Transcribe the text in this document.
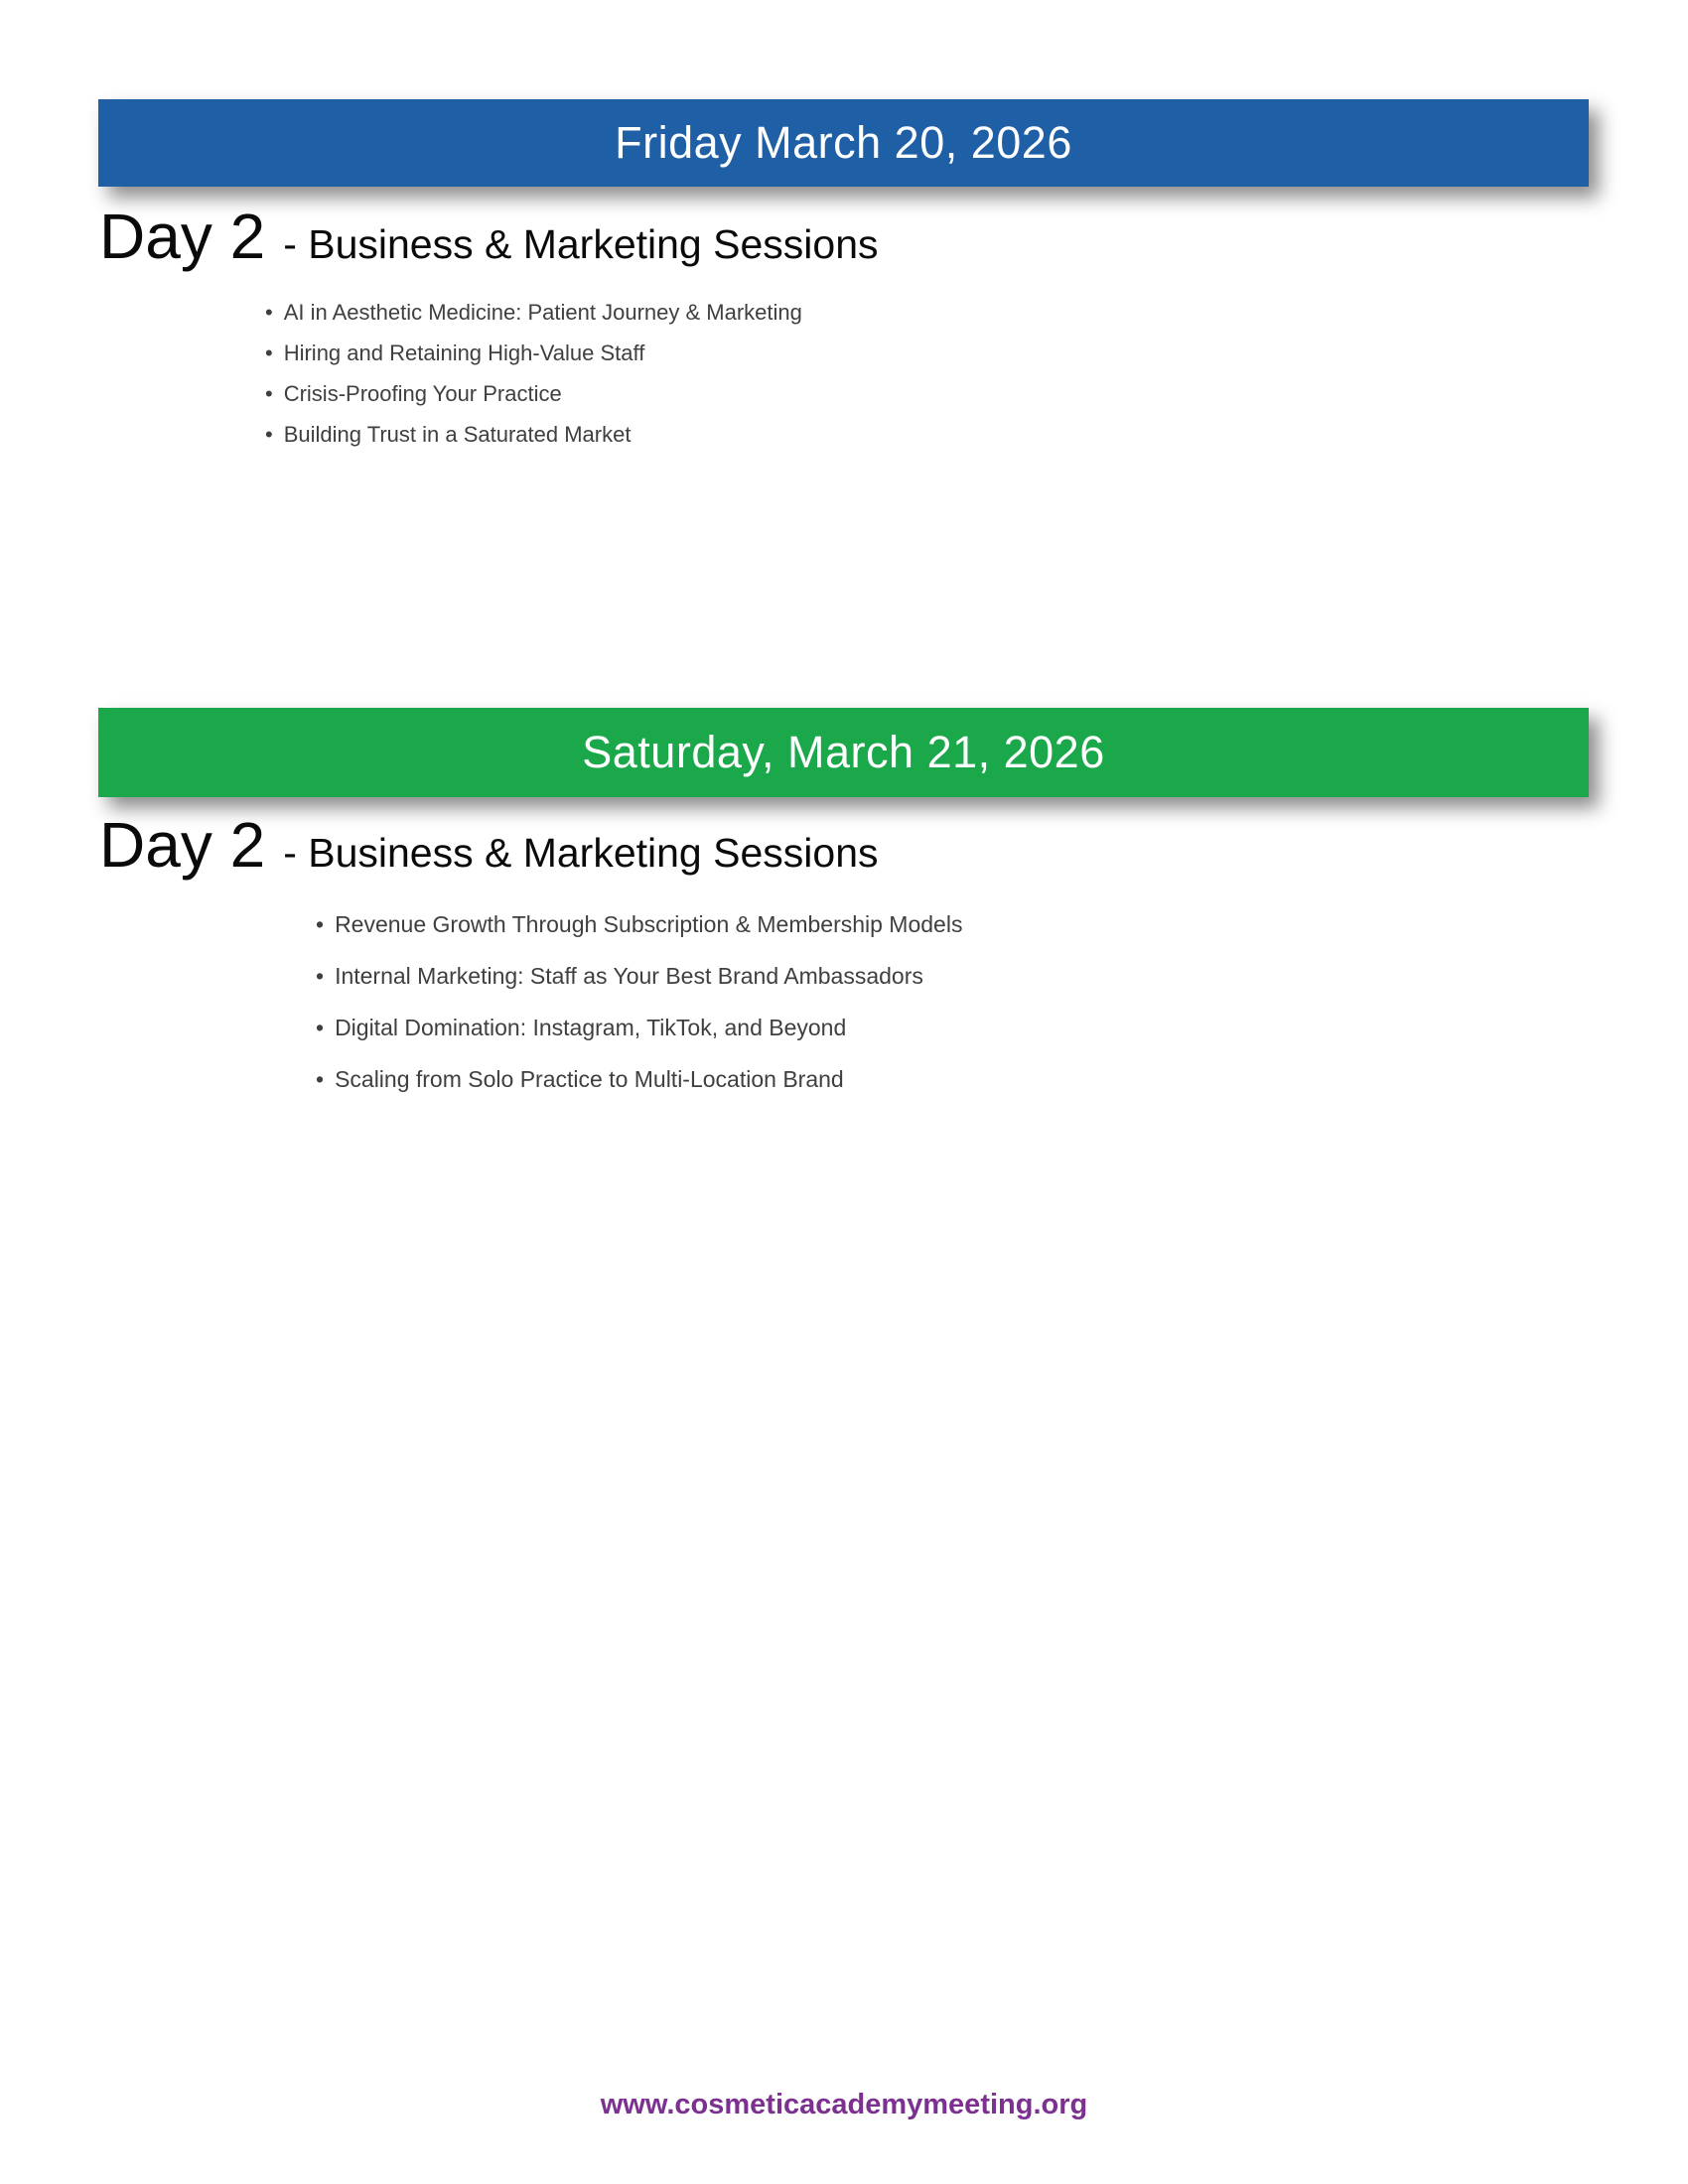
Friday March 20, 2026
Day 2 - Business & Marketing Sessions
• AI in Aesthetic Medicine: Patient Journey & Marketing
• Hiring and Retaining High-Value Staff
• Crisis-Proofing Your Practice
• Building Trust in a Saturated Market
Saturday, March 21, 2026
Day 2 - Business & Marketing Sessions
• Revenue Growth Through Subscription & Membership Models
• Internal Marketing: Staff as Your Best Brand Ambassadors
• Digital Domination: Instagram, TikTok, and Beyond
• Scaling from Solo Practice to Multi-Location Brand
www.cosmeticacademymeeting.org
